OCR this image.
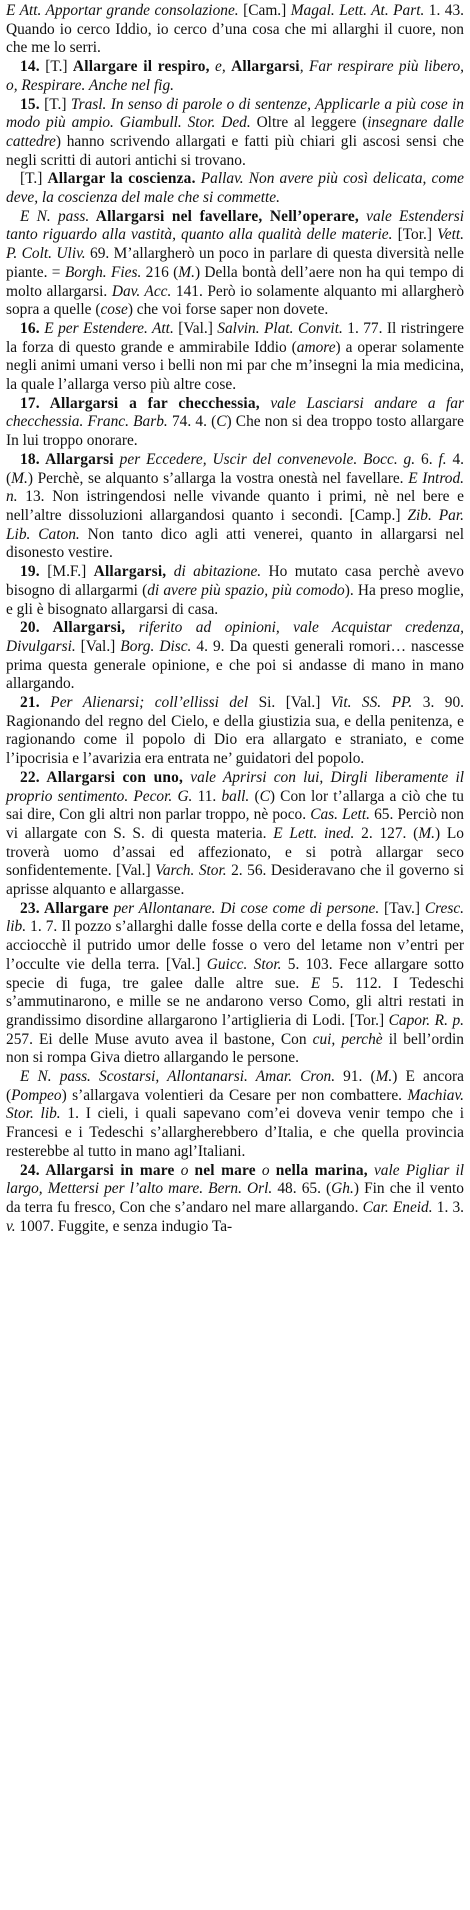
E Att. Apportar grande consolazione. [Cam.] Magal. Lett. At. Part. 1. 43. Quando io cerco Iddio, io cerco d’una cosa che mi allarghi il cuore, non che me lo serri.

14. [T.] Allargare il respiro, e, Allargarsi, Far respirare più libero, o, Respirare. Anche nel fig.

15. [T.] Trasl. In senso di parole o di sentenze, Applicarle a più cose in modo più ampio. Giambull. Stor. Ded. Oltre al leggere (insegnare dalle cattedre) hanno scrivendo allargati e fatti più chiari gli ascosi sensi che negli scritti di autori antichi si trovano.

[T.] Allargar la coscienza. Pallav. Non avere più così delicata, come deve, la coscienza del male che si commette.

E N. pass. Allargarsi nel favellare, Nell’operare, vale Estendersi tanto riguardo alla vastità, quanto alla qualità delle materie. [Tor.] Vett. P. Colt. Uliv. 69. M’allargherò un poco in parlare di questa diversità nelle piante. = Borgh. Fies. 216 (M.) Della bontà dell’aere non ha qui tempo di molto allargarsi. Dav. Acc. 141. Però io solamente alquanto mi allargherò sopra a quelle (cose) che voi forse saper non dovete.

16. E per Estendere. Att. [Val.] Salvin. Plat. Convit. 1. 77. Il ristringere la forza di questo grande e ammirabile Iddio (amore) a operar solamente negli animi umani verso i belli non mi par che m’insegni la mia medicina, la quale l’allarga verso più altre cose.

17. Allargarsi a far checchessia, vale Lasciarsi andare a far checchessia. Franc. Barb. 74. 4. (C) Che non si dea troppo tosto allargare In lui troppo onorare.

18. Allargarsi per Eccedere, Uscir del convenevole. Bocc. g. 6. f. 4. (M.) Perchè, se alquanto s’allarga la vostra onestà nel favellare. E Introd. n. 13. Non istringendosi nelle vivande quanto i primi, nè nel bere e nell’altre dissoluzioni allargandosi quanto i secondi. [Camp.] Zib. Par. Lib. Caton. Non tanto dico agli atti venerei, quanto in allargarsi nel disonesto vestire.

19. [M.F.] Allargarsi, di abitazione. Ho mutato casa perchè avevo bisogno di allargarmi (di avere più spazio, più comodo). Ha preso moglie, e gli è bisognato allargarsi di casa.

20. Allargarsi, riferito ad opinioni, vale Acquistar credenza, Divulgarsi. [Val.] Borg. Disc. 4. 9. Da questi generali romori… nascesse prima questa generale opinione, e che poi si andasse di mano in mano allargando.

21. Per Alienarsi; coll’ellissi del Si. [Val.] Vit. SS. PP. 3. 90. Ragionando del regno del Cielo, e della giustizia sua, e della penitenza, e ragionando come il popolo di Dio era allargato e straniato, e come l’ipocrisia e l’avarizia era entrata ne’ guidatori del popolo.

22. Allargarsi con uno, vale Aprirsi con lui, Dirgli liberamente il proprio sentimento. Pecor. G. 11. ball. (C) Con lor t’allarga a ciò che tu sai dire, Con gli altri non parlar troppo, nè poco. Cas. Lett. 65. Perciò non vi allargate con S. S. di questa materia. E Lett. ined. 2. 127. (M.) Lo troverà uomo d’assai ed affezionato, e si potrà allargar seco sonfidentemente. [Val.] Varch. Stor. 2. 56. Desideravano che il governo si aprisse alquanto e allargasse.

23. Allargare per Allontanare. Di cose come di persone. [Tav.] Cresc. lib. 1. 7. Il pozzo s’allarghi dalle fosse della corte e della fossa del letame, acciocchè il putrido umor delle fosse o vero del letame non v’entri per l’occulte vie della terra. [Val.] Guicc. Stor. 5. 103. Fece allargare sotto specie di fuga, tre galee dalle altre sue. E 5. 112. I Tedeschi s’ammutinarono, e mille se ne andarono verso Como, gli altri restati in grandissimo disordine allargarono l’artiglieria di Lodi. [Tor.] Capor. R. p. 257. Ei delle Muse avuto avea il bastone, Con cui, perchè il bell’ordin non si rompa Giva dietro allargando le persone.

E N. pass. Scostarsi, Allontanarsi. Amar. Cron. 91. (M.) E ancora (Pompeo) s’allargava volentieri da Cesare per non combattere. Machiav. Stor. lib. 1. I cieli, i quali sapevano com’ei doveva venir tempo che i Francesi e i Tedeschi s’allargherebbero d’Italia, e che quella provincia resterebbe al tutto in mano agl’Italiani.

24. Allargarsi in mare o nel mare o nella marina, vale Pigliar il largo, Mettersi per l’alto mare. Bern. Orl. 48. 65. (Gh.) Fin che il vento da terra fu fresco, Con che s’andaro nel mare allargando. Car. Eneid. 1. 3. v. 1007. Fuggite, e senza indugio Ta-
